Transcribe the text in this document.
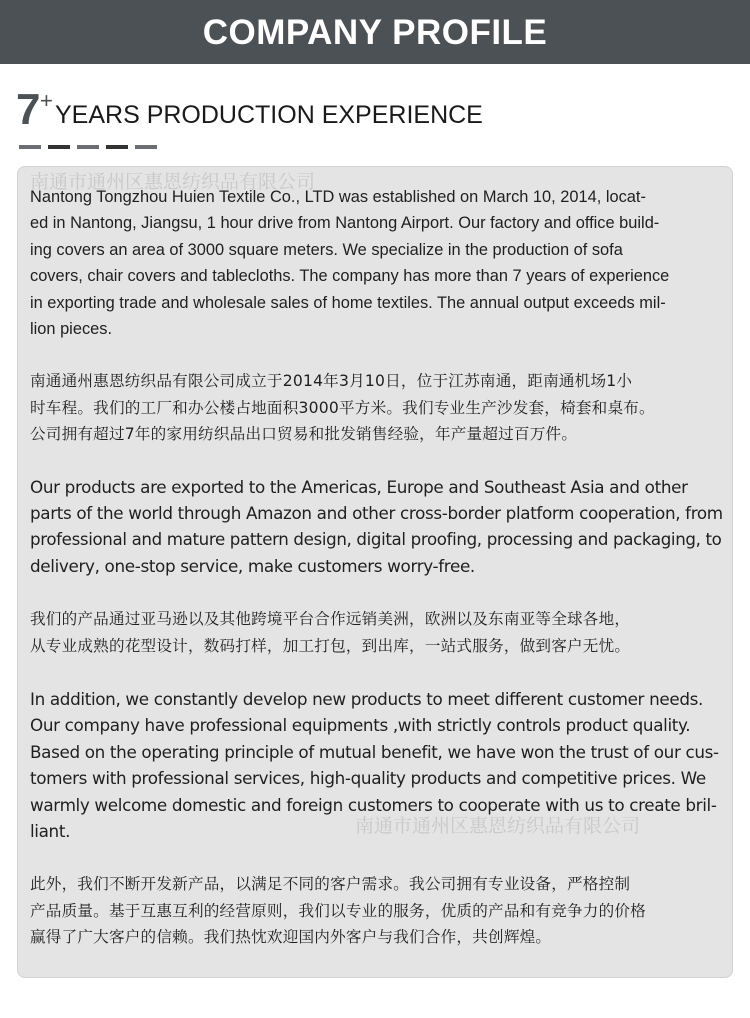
COMPANY PROFILE
7 +
YEARS PRODUCTION EXPERIENCE
南通市通州区惠恩纺织品有限公司
Nantong Tongzhou Huien Textile Co., LTD was established on March 10, 2014, locat-
ed in Nantong, Jiangsu, 1 hour drive from Nantong Airport. Our factory and office build-
ing covers an area of 3000 square meters. We specialize in the production of sofa
covers, chair covers and tablecloths. The company has more than 7 years of experience
in exporting trade and wholesale sales of home textiles. The annual output exceeds mil-
lion pieces.
南通通州惠恩纺织品有限公司成立于2014年3月10日，位于江苏南通，距南通机场1小
时车程。我们的工厂和办公楼占地面积3000平方米。我们专业生产沙发套，椅套和桌布。
公司拥有超过7年的家用纺织品出口贸易和批发销售经验，年产量超过百万件。
Our products are exported to the Americas, Europe and Southeast Asia and other
parts of the world through Amazon and other cross-border platform cooperation, from
professional and mature pattern design, digital proofing, processing and packaging, to
delivery, one-stop service, make customers worry-free.
我们的产品通过亚马逊以及其他跨境平台合作远销美洲，欧洲以及东南亚等全球各地，
从专业成熟的花型设计，数码打样，加工打包，到出库，一站式服务，做到客户无忧。
In addition, we constantly develop new products to meet different customer needs.
Our company have professional equipments ,with strictly controls product quality.
Based on the operating principle of mutual benefit, we have won the trust of our cus-
tomers with professional services, high-quality products and competitive prices. We
warmly welcome domestic and foreign customers to cooperate with us to create bril-
liant.	南通市通州区惠恩纺织品有限公司
此外，我们不断开发新产品，以满足不同的客户需求。我公司拥有专业设备，严格控制
产品质量。基于互惠互利的经营原则，我们以专业的服务，优质的产品和有竞争力的价格
赢得了广大客户的信赖。我们热忱欢迎国内外客户与我们合作，共创辉煌。
